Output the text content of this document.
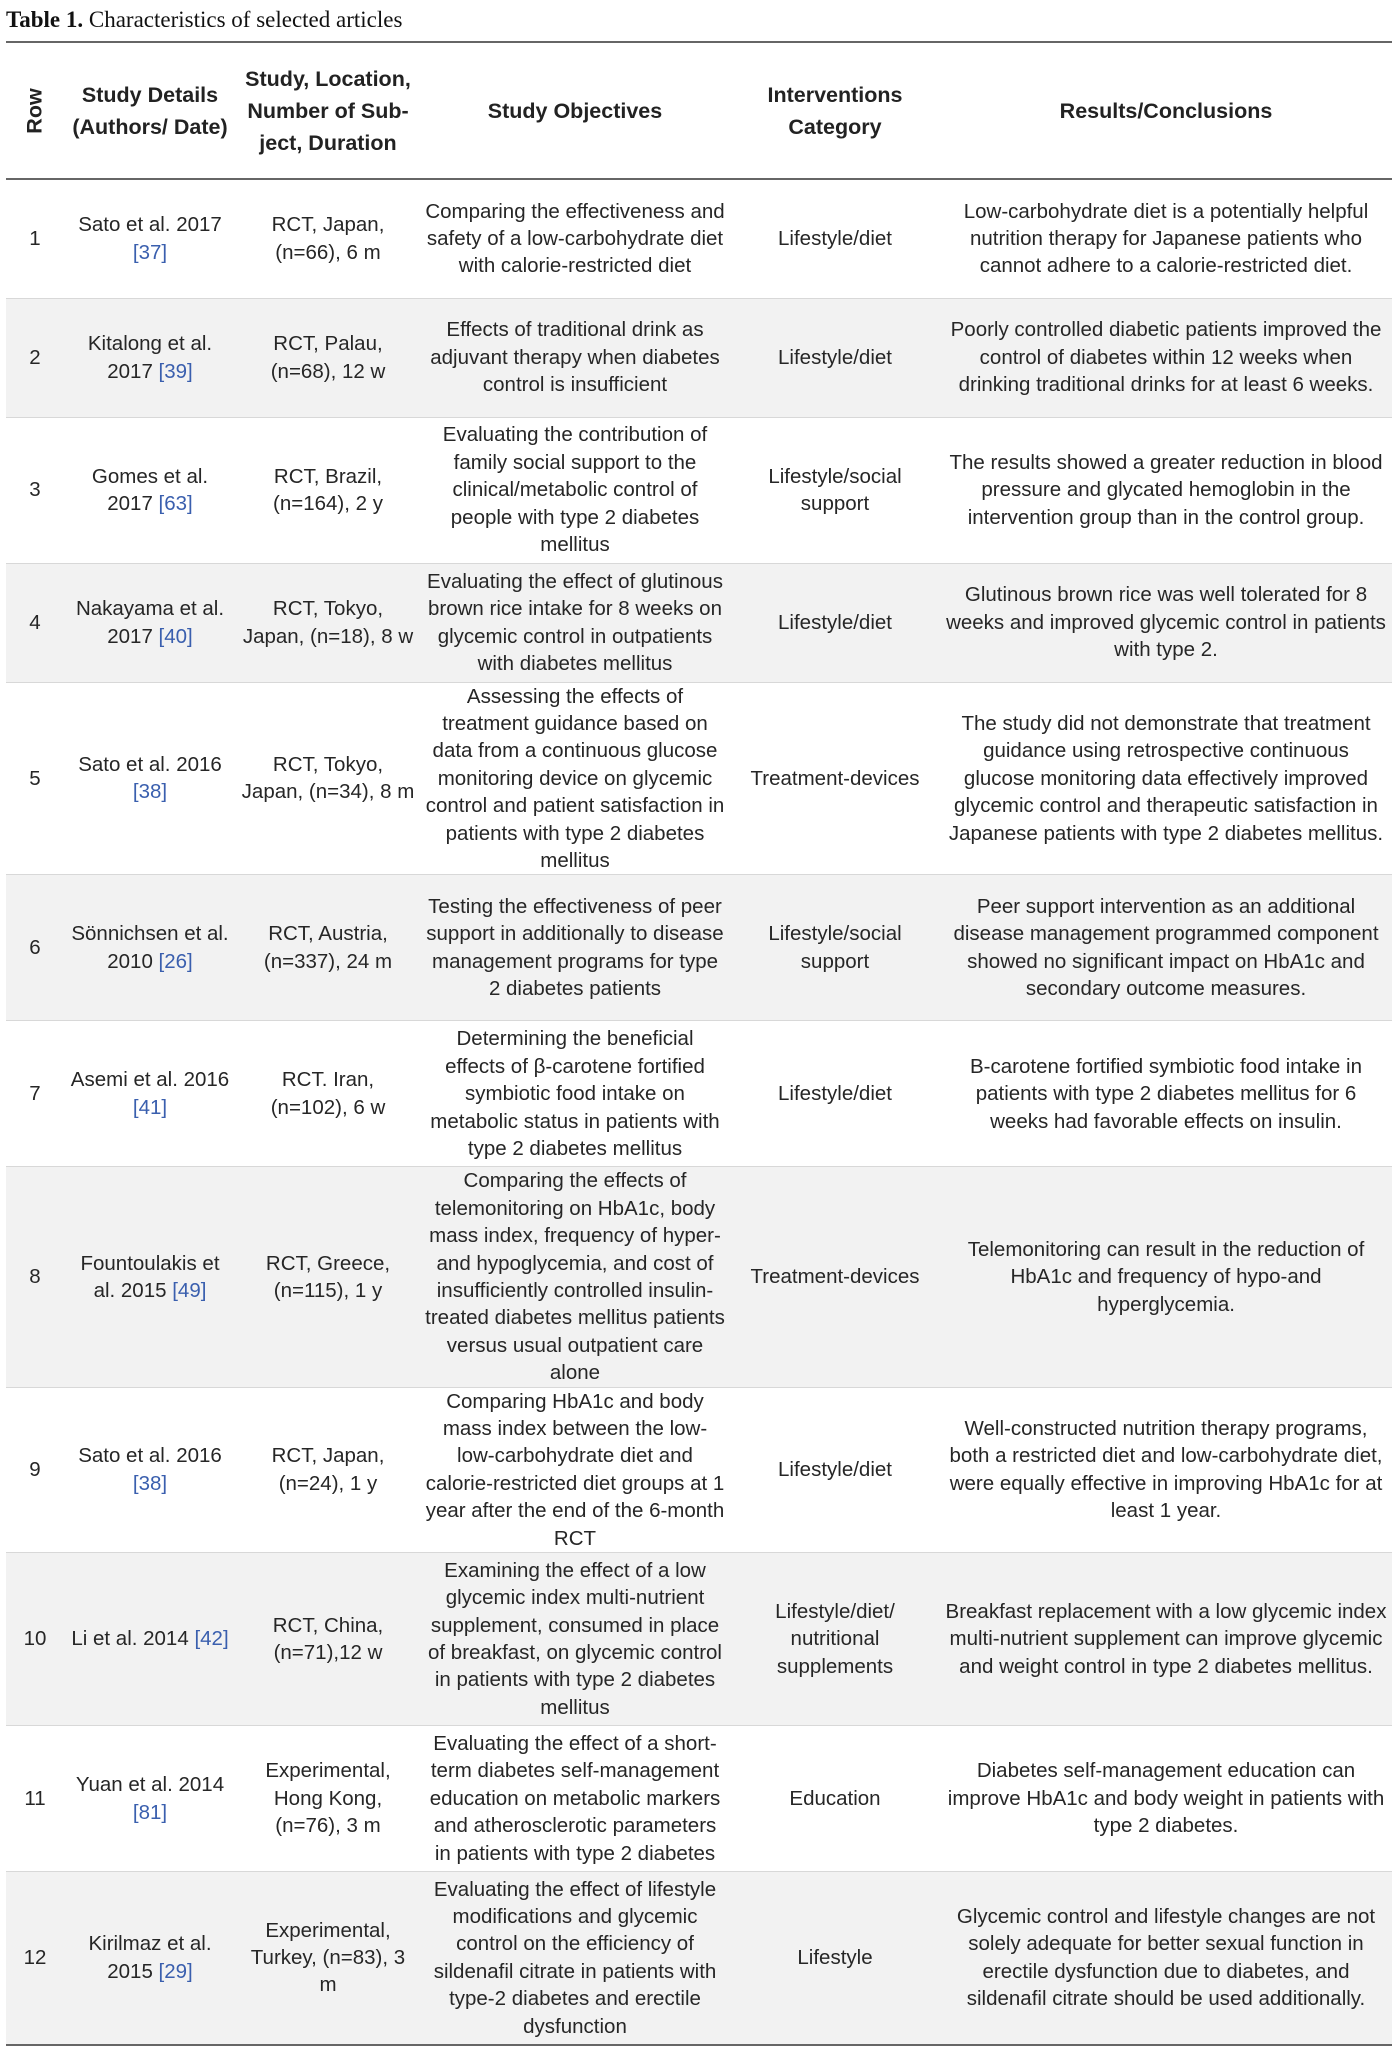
Table 1. Characteristics of selected articles
Row	Study Details (Authors/ Date)	Study, Location, Number of Sub- ject, Duration	Study Objectives	Interventions Category	Results/Conclusions
1	Sato et al. 2017 [37]	RCT, Japan, (n=66), 6 m	Comparing the effectiveness and safety of a low-carbohydrate diet with calorie-restricted diet	Lifestyle/diet	Low-carbohydrate diet is a potentially helpful nutrition therapy for Japanese patients who cannot adhere to a calorie-restricted diet.
2	Kitalong et al. 2017 [39]	RCT, Palau, (n=68), 12 w	Effects of traditional drink as adjuvant therapy when diabetes control is insufficient	Lifestyle/diet	Poorly controlled diabetic patients improved the control of diabetes within 12 weeks when drinking traditional drinks for at least 6 weeks.
3	Gomes et al. 2017 [63]	RCT, Brazil, (n=164), 2 y	Evaluating the contribution of family social support to the clinical/metabolic control of people with type 2 diabetes mellitus	Lifestyle/social support	The results showed a greater reduction in blood pressure and glycated hemoglobin in the intervention group than in the control group.
4	Nakayama et al. 2017 [40]	RCT, Tokyo, Japan, (n=18), 8 w	Evaluating the effect of glutinous brown rice intake for 8 weeks on glycemic control in outpatients with diabetes mellitus	Lifestyle/diet	Glutinous brown rice was well tolerated for 8 weeks and improved glycemic control in patients with type 2.
5	Sato et al. 2016 [38]	RCT, Tokyo, Japan, (n=34), 8 m	Assessing the effects of treatment guidance based on data from a continuous glucose monitoring device on glycemic control and patient satisfaction in patients with type 2 diabetes mellitus	Treatment-devices	The study did not demonstrate that treatment guidance using retrospective continuous glucose monitoring data effectively improved glycemic control and therapeutic satisfaction in Japanese patients with type 2 diabetes mellitus.
6	Sönnichsen et al. 2010 [26]	RCT, Austria, (n=337), 24 m	Testing the effectiveness of peer support in additionally to disease management programs for type 2 diabetes patients	Lifestyle/social support	Peer support intervention as an additional disease management programmed component showed no significant impact on HbA1c and secondary outcome measures.
7	Asemi et al. 2016 [41]	RCT. Iran, (n=102), 6 w	Determining the beneficial effects of β-carotene fortified symbiotic food intake on metabolic status in patients with type 2 diabetes mellitus	Lifestyle/diet	B-carotene fortified symbiotic food intake in patients with type 2 diabetes mellitus for 6 weeks had favorable effects on insulin.
8	Fountoulakis et al. 2015 [49]	RCT, Greece, (n=115), 1 y	Comparing the effects of telemonitoring on HbA1c, body mass index, frequency of hyper- and hypoglycemia, and cost of insufficiently controlled insulin-treated diabetes mellitus patients versus usual outpatient care alone	Treatment-devices	Telemonitoring can result in the reduction of HbA1c and frequency of hypo-and hyperglycemia.
9	Sato et al. 2016 [38]	RCT, Japan, (n=24), 1 y	Comparing HbA1c and body mass index between the low- low-carbohydrate diet and calorie-restricted diet groups at 1 year after the end of the 6-month RCT	Lifestyle/diet	Well-constructed nutrition therapy programs, both a restricted diet and low-carbohydrate diet, were equally effective in improving HbA1c for at least 1 year.
10	Li et al. 2014 [42]	RCT, China, (n=71),12 w	Examining the effect of a low glycemic index multi-nutrient supplement, consumed in place of breakfast, on glycemic control in patients with type 2 diabetes mellitus	Lifestyle/diet/ nutritional supplements	Breakfast replacement with a low glycemic index multi-nutrient supplement can improve glycemic and weight control in type 2 diabetes mellitus.
11	Yuan et al. 2014 [81]	Experimental, Hong Kong, (n=76), 3 m	Evaluating the effect of a short-term diabetes self-management education on metabolic markers and atherosclerotic parameters in patients with type 2 diabetes	Education	Diabetes self-management education can improve HbA1c and body weight in patients with type 2 diabetes.
12	Kirilmaz et al. 2015 [29]	Experimental, Turkey, (n=83), 3 m	Evaluating the effect of lifestyle modifications and glycemic control on the efficiency of sildenafil citrate in patients with type-2 diabetes and erectile dysfunction	Lifestyle	Glycemic control and lifestyle changes are not solely adequate for better sexual function in erectile dysfunction due to diabetes, and sildenafil citrate should be used additionally.
